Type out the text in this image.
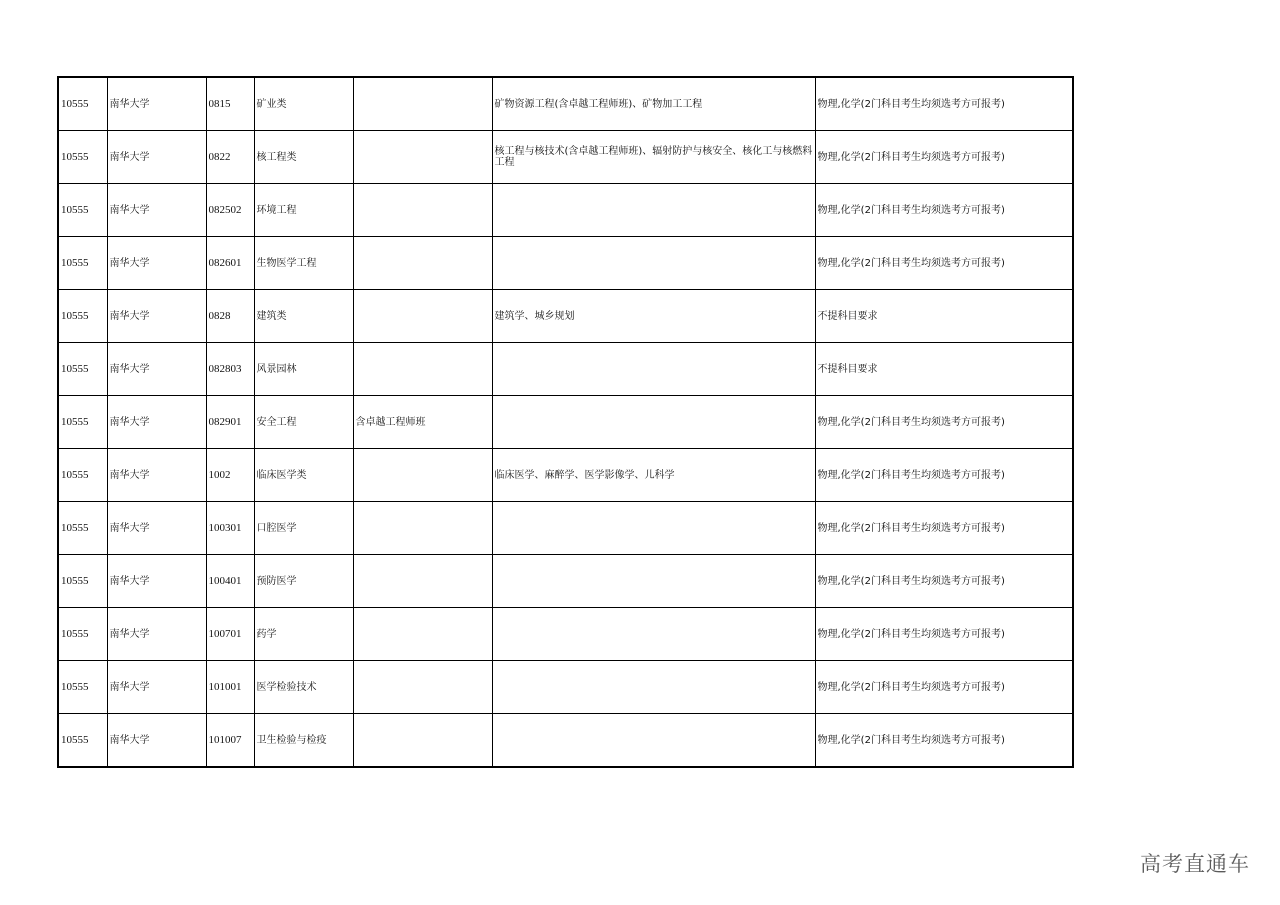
10555	南华大学	0815	矿业类		矿物资源工程(含卓越工程师班)、矿物加工工程	物理,化学(2门科目考生均须选考方可报考)
10555	南华大学	0822	核工程类		核工程与核技术(含卓越工程师班)、辐射防护与核安全、核化工与核燃料工程	物理,化学(2门科目考生均须选考方可报考)
10555	南华大学	082502	环境工程			物理,化学(2门科目考生均须选考方可报考)
10555	南华大学	082601	生物医学工程			物理,化学(2门科目考生均须选考方可报考)
10555	南华大学	0828	建筑类		建筑学、城乡规划	不提科目要求
10555	南华大学	082803	风景园林			不提科目要求
10555	南华大学	082901	安全工程	含卓越工程师班		物理,化学(2门科目考生均须选考方可报考)
10555	南华大学	1002	临床医学类		临床医学、麻醉学、医学影像学、儿科学	物理,化学(2门科目考生均须选考方可报考)
10555	南华大学	100301	口腔医学			物理,化学(2门科目考生均须选考方可报考)
10555	南华大学	100401	预防医学			物理,化学(2门科目考生均须选考方可报考)
10555	南华大学	100701	药学			物理,化学(2门科目考生均须选考方可报考)
10555	南华大学	101001	医学检验技术			物理,化学(2门科目考生均须选考方可报考)
10555	南华大学	101007	卫生检验与检疫			物理,化学(2门科目考生均须选考方可报考)
高考直通车
